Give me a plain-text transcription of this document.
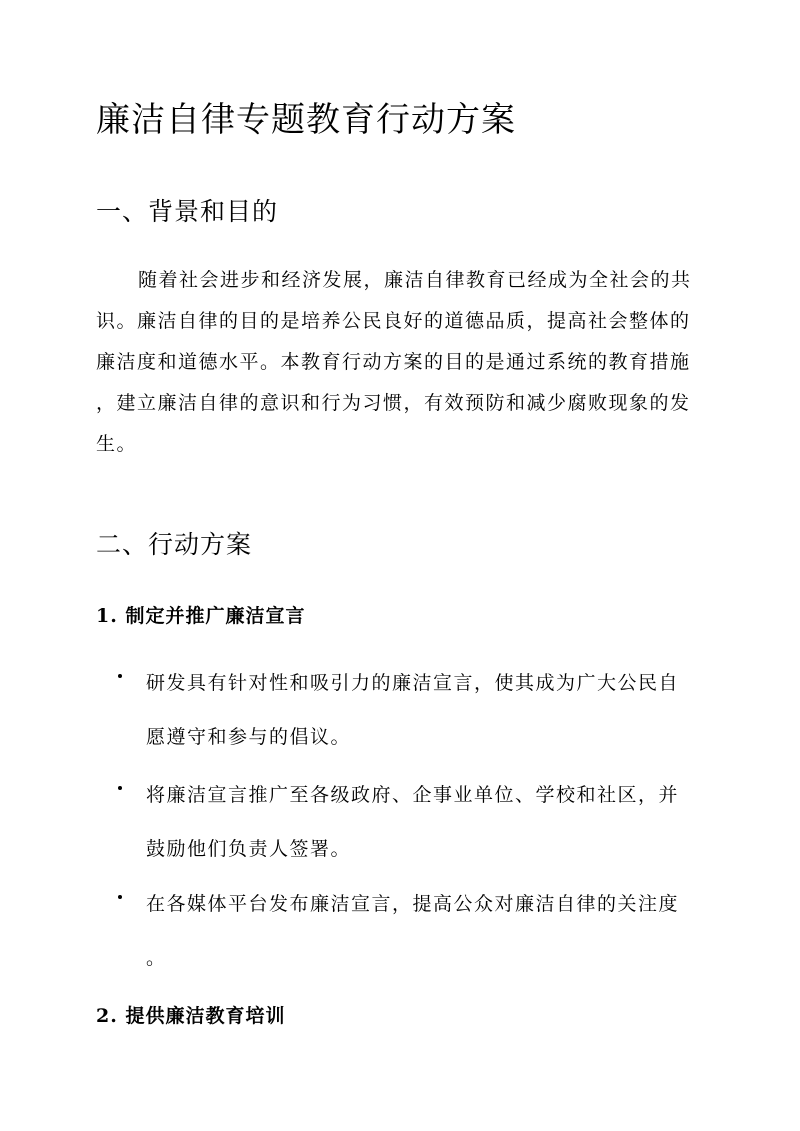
廉洁自律专题教育行动方案
一、背景和目的
随着社会进步和经济发展，廉洁自律教育已经成为全社会的共
识。廉洁自律的目的是培养公民良好的道德品质，提高社会整体的
廉洁度和道德水平。本教育行动方案的目的是通过系统的教育措施
，建立廉洁自律的意识和行为习惯，有效预防和减少腐败现象的发
生。
二、行动方案
1. 制定并推广廉洁宣言
研发具有针对性和吸引力的廉洁宣言，使其成为广大公民自
愿遵守和参与的倡议。
将廉洁宣言推广至各级政府、企事业单位、学校和社区，并
鼓励他们负责人签署。
在各媒体平台发布廉洁宣言，提高公众对廉洁自律的关注度
。
2. 提供廉洁教育培训
